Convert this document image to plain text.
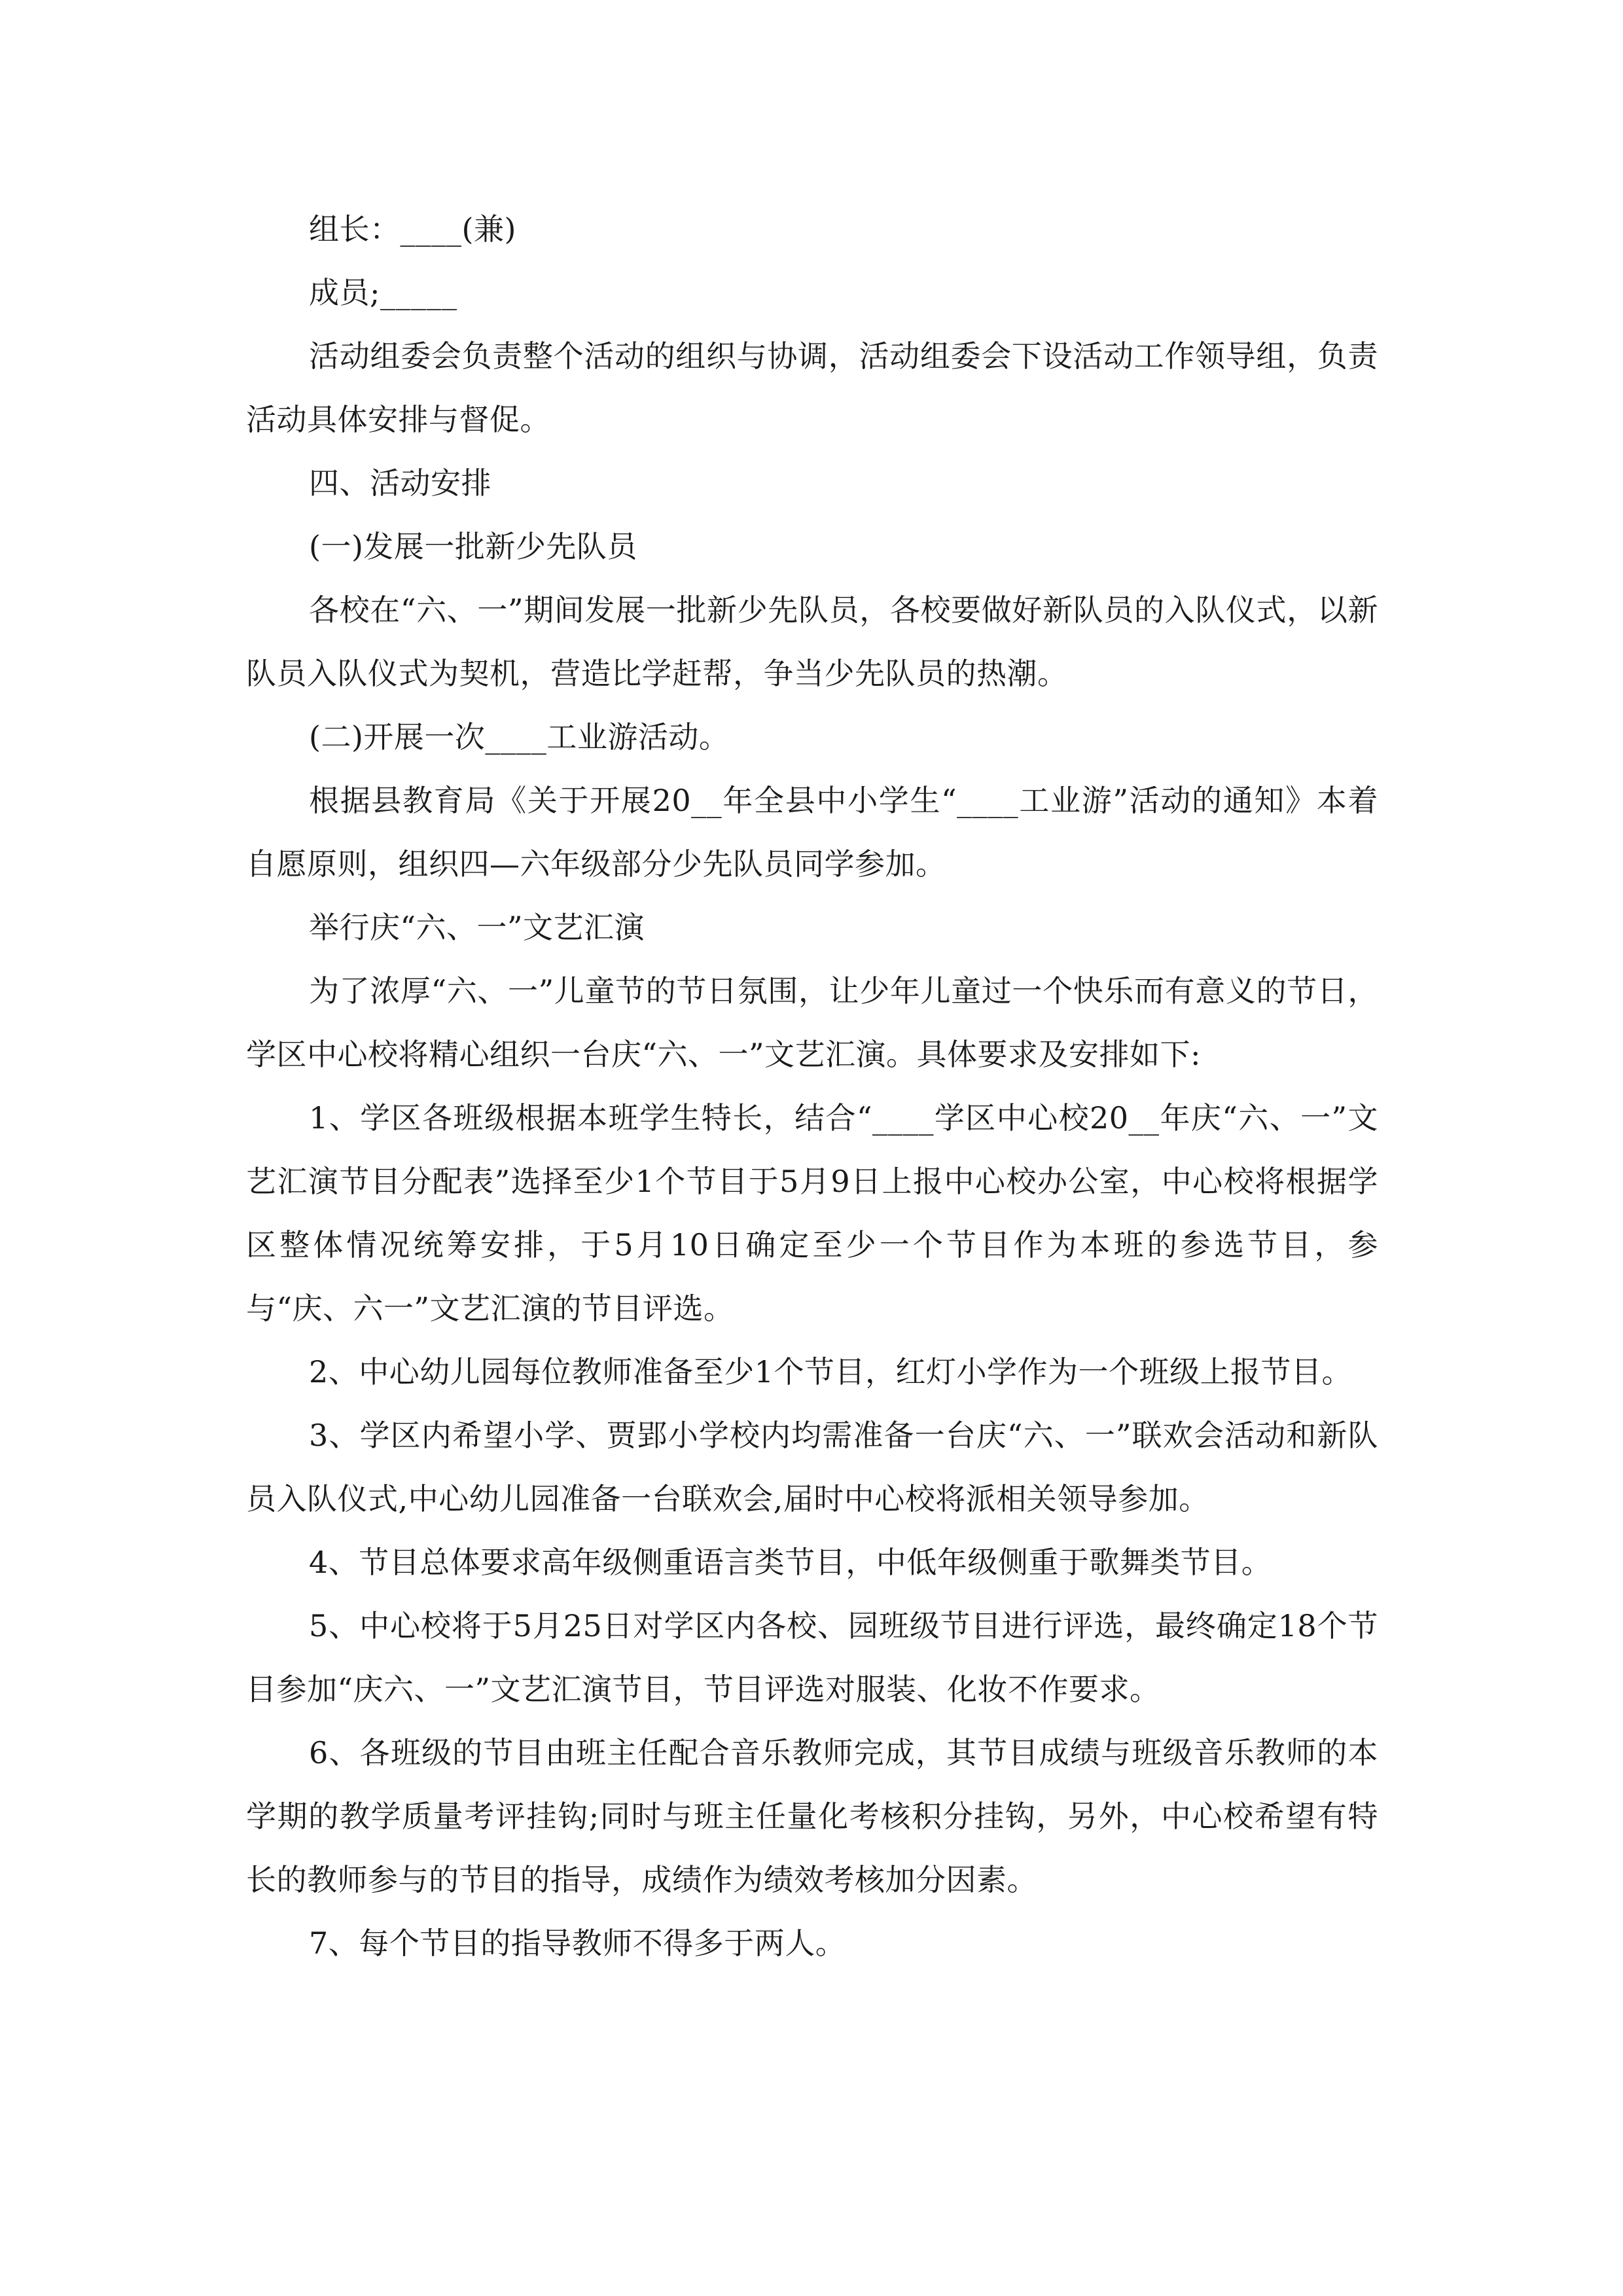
组长：____(兼)

成员;_____

活动组委会负责整个活动的组织与协调，活动组委会下设活动工作领导组，负责活动具体安排与督促。

四、活动安排

(一)发展一批新少先队员

各校在“六、一”期间发展一批新少先队员，各校要做好新队员的入队仪式，以新队员入队仪式为契机，营造比学赶帮，争当少先队员的热潮。

(二)开展一次____工业游活动。

根据县教育局《关于开展20__年全县中小学生“____工业游”活动的通知》本着自愿原则，组织四—六年级部分少先队员同学参加。

举行庆“六、一”文艺汇演

为了浓厚“六、一”儿童节的节日氛围，让少年儿童过一个快乐而有意义的节日，学区中心校将精心组织一台庆“六、一”文艺汇演。具体要求及安排如下:

1、学区各班级根据本班学生特长，结合“____学区中心校20__年庆“六、一”文艺汇演节目分配表”选择至少1个节目于5月9日上报中心校办公室，中心校将根据学区整体情况统筹安排，于5月10日确定至少一个节目作为本班的参选节目，参与“庆、六一”文艺汇演的节目评选。

2、中心幼儿园每位教师准备至少1个节目，红灯小学作为一个班级上报节目。

3、学区内希望小学、贾郢小学校内均需准备一台庆“六、一”联欢会活动和新队员入队仪式,中心幼儿园准备一台联欢会,届时中心校将派相关领导参加。

4、节目总体要求高年级侧重语言类节目，中低年级侧重于歌舞类节目。

5、中心校将于5月25日对学区内各校、园班级节目进行评选，最终确定18个节目参加“庆六、一”文艺汇演节目，节目评选对服装、化妆不作要求。

6、各班级的节目由班主任配合音乐教师完成，其节目成绩与班级音乐教师的本学期的教学质量考评挂钩;同时与班主任量化考核积分挂钩，另外，中心校希望有特长的教师参与的节目的指导，成绩作为绩效考核加分因素。

7、每个节目的指导教师不得多于两人。
